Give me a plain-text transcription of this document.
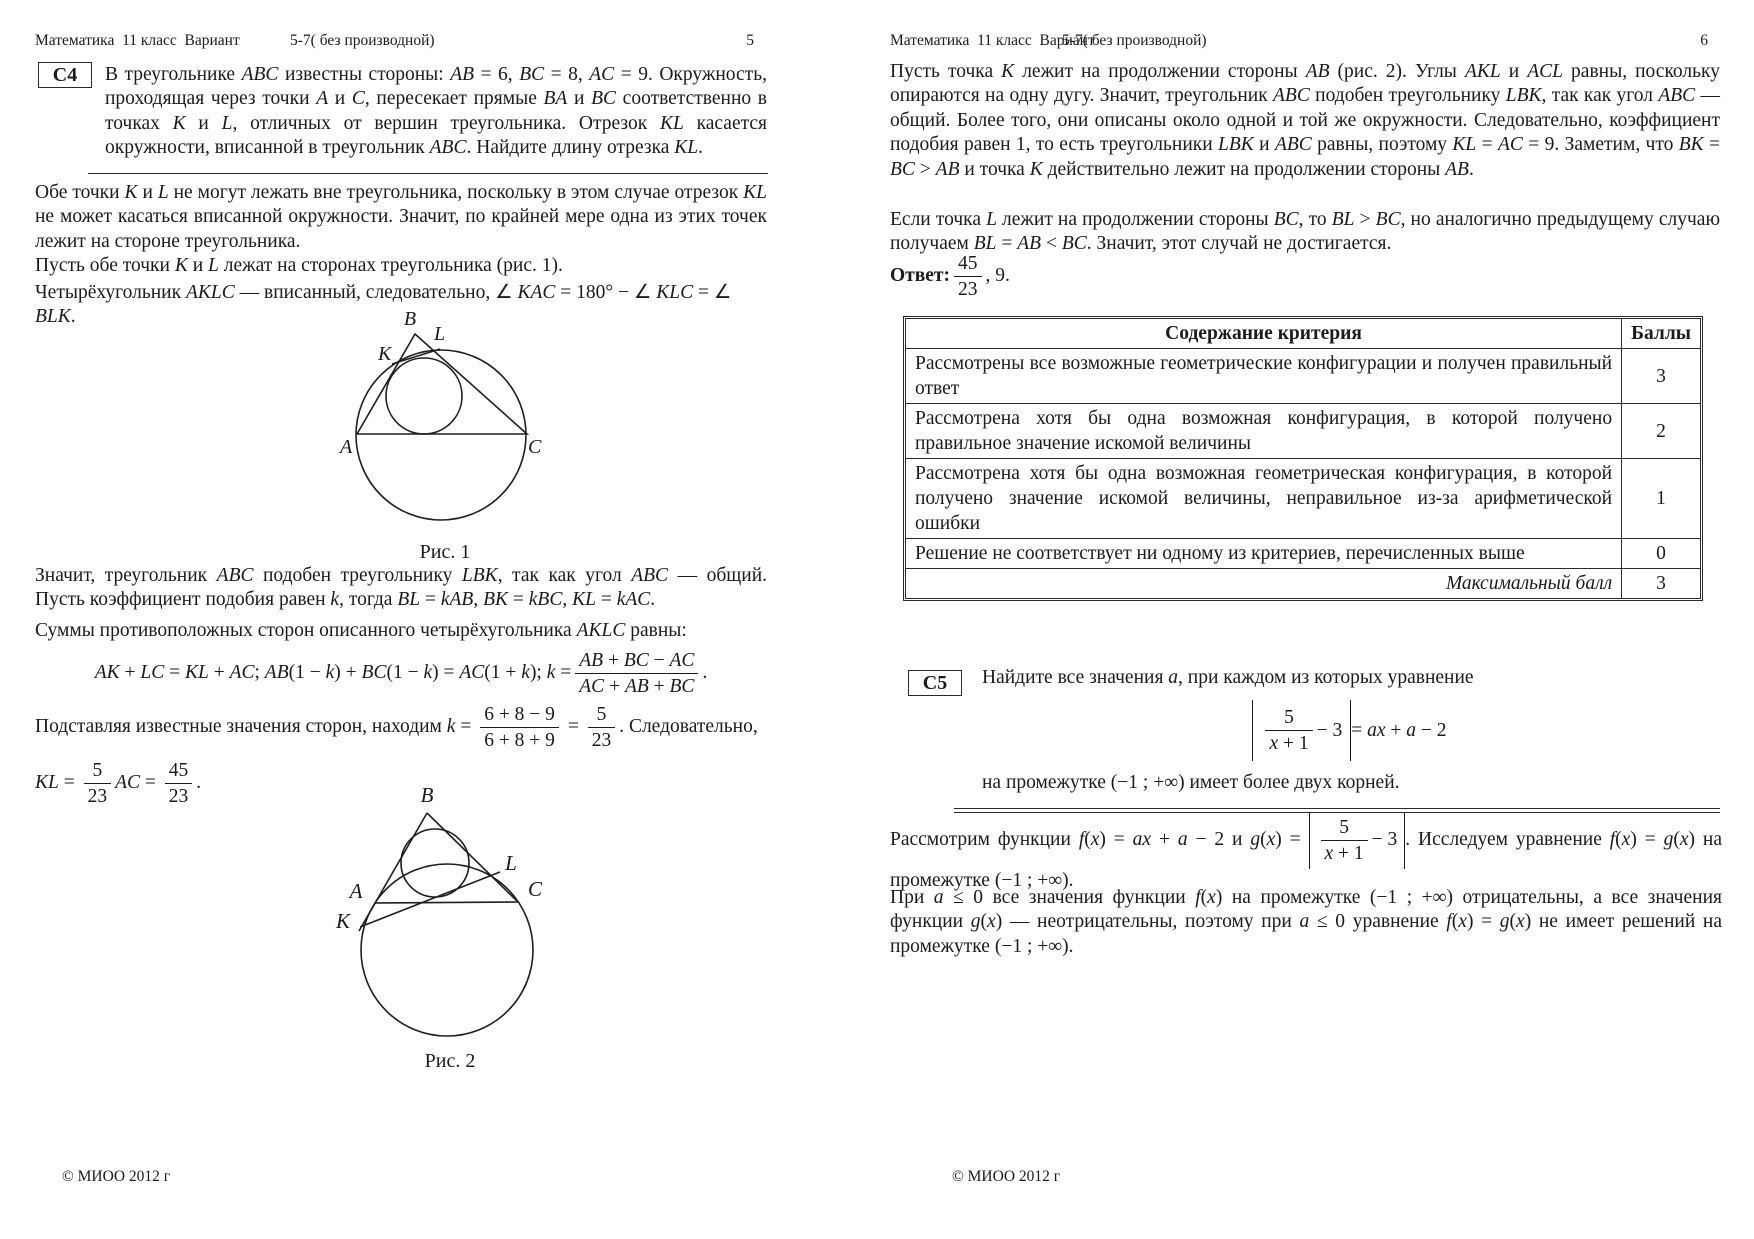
Математика  11 класс  Вариант	5-7( без производной)	5
С4	В треугольнике ABC известны стороны: AB = 6, BC = 8, AC = 9. Окружность, проходящая через точки A и C, пересекает прямые BA и BC соответственно в точках K и L, отличных от вершин треугольника. Отрезок KL касается окружности, вписанной в треугольник ABC. Найдите длину отрезка KL.
Обе точки K и L не могут лежать вне треугольника, поскольку в этом случае отрезок KL не может касаться вписанной окружности. Значит, по крайней мере одна из этих точек лежит на стороне треугольника.
Пусть обе точки K и L лежат на сторонах треугольника (рис. 1).
Четырёхугольник AKLC — вписанный, следовательно, ∠ KAC = 180° − ∠ KLC = ∠ BLK.	B
L
K
A	C
Рис. 1
Значит, треугольник ABC подобен треугольнику LBK, так как угол ABC — общий. Пусть коэффициент подобия равен k, тогда BL = kAB, BK = kBC, KL = kAC.
Суммы противоположных сторон описанного четырёхугольника AKLC равны:
AK + LC = KL + AC; AB(1 − k) + BC(1 − k) = AC(1 + k); $k = \frac{AB + BC - AC}{AC + AB + BC}$ .
Подставляя известные значения сторон, находим $k = \frac{6 + 8 - 9}{6 + 8 + 9} = \frac{5}{23}$ . Следовательно,
KL = $\frac{5}{23}$ AC = $\frac{45}{23}$ .
B
A	C
K
L
Рис. 2
© МИОО 2012 г
Математика  11 класс  Вариант
5-7( без производной)	6
Пусть точка K лежит на продолжении стороны AB (рис. 2). Углы AKL и ACL равны, поскольку опираются на одну дугу. Значит, треугольник ABC подобен треугольнику LBK, так как угол ABC — общий. Более того, они описаны около одной и той же окружности. Следовательно, коэффициент подобия равен 1, то есть треугольники LBK и ABC равны, поэтому KL = AC = 9. Заметим, что BK = BC > AB и точка K действительно лежит на продолжении стороны AB.
Если точка L лежит на продолжении стороны BC, то BL > BC, но аналогично предыдущему случаю получаем BL = AB < BC. Значит, этот случай не достигается.
Ответ: $\frac{45}{23}$ , 9.
Содержание критерия	Баллы
Рассмотрены все возможные геометрические конфигурации и получен правильный ответ	3
Рассмотрена хотя бы одна возможная конфигурация, в которой получено правильное значение искомой величины	2
Рассмотрена хотя бы одна возможная геометрическая конфигурация, в которой получено значение искомой величины, неправильное из-за арифметической ошибки	1
Решение не соответствует ни одному из критериев, перечисленных выше	0
Максимальный балл	3
С5	Найдите все значения a, при каждом из которых уравнение
$\frac{5}{x + 1} - 3$ = ax + a − 2
на промежутке (−1 ; +∞) имеет более двух корней.
Рассмотрим функции f(x) = ax + a − 2 и $g(x) = \frac{5}{x + 1} - 3$ . Исследуем уравнение f(x) = g(x) на промежутке (−1 ; +∞).
При a ≤ 0 все значения функции f(x) на промежутке (−1 ; +∞) отрицательны, а все значения функции g(x) — неотрицательны, поэтому при a ≤ 0 уравнение f(x) = g(x) не имеет решений на промежутке (−1 ; +∞).
© МИОО 2012 г
